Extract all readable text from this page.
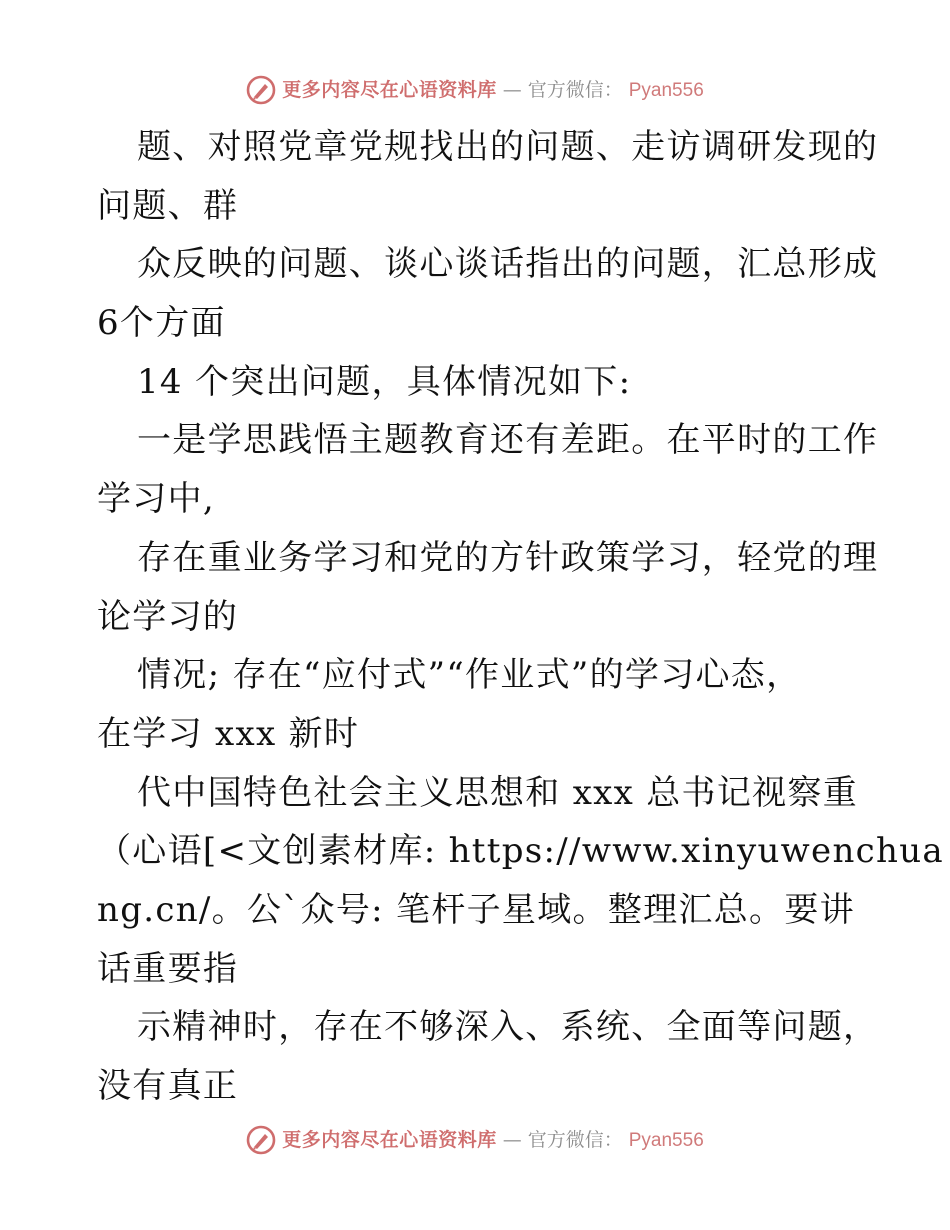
更多内容尽在心语资料库 — 官方微信： Pyan556
题、对照党章党规找出的问题、走访调研发现的
问题、群
众反映的问题、谈心谈话指出的问题，汇总形成
6个方面
14 个突出问题，具体情况如下:
一是学思践悟主题教育还有差距。在平时的工作
学习中,
存在重业务学习和党的方针政策学习，轻党的理
论学习的
情况; 存在“应付式”“作业式”的学习心态，
在学习 xxx 新时
代中国特色社会主义思想和 xxx 总书记视察重
（心语[<文创素材库: https://www.xinyuwenchua
ng.cn/。公`众号: 笔杆子星域。整理汇总。要讲
话重要指
示精神时，存在不够深入、系统、全面等问题，
没有真正
更多内容尽在心语资料库 — 官方微信： Pyan556
